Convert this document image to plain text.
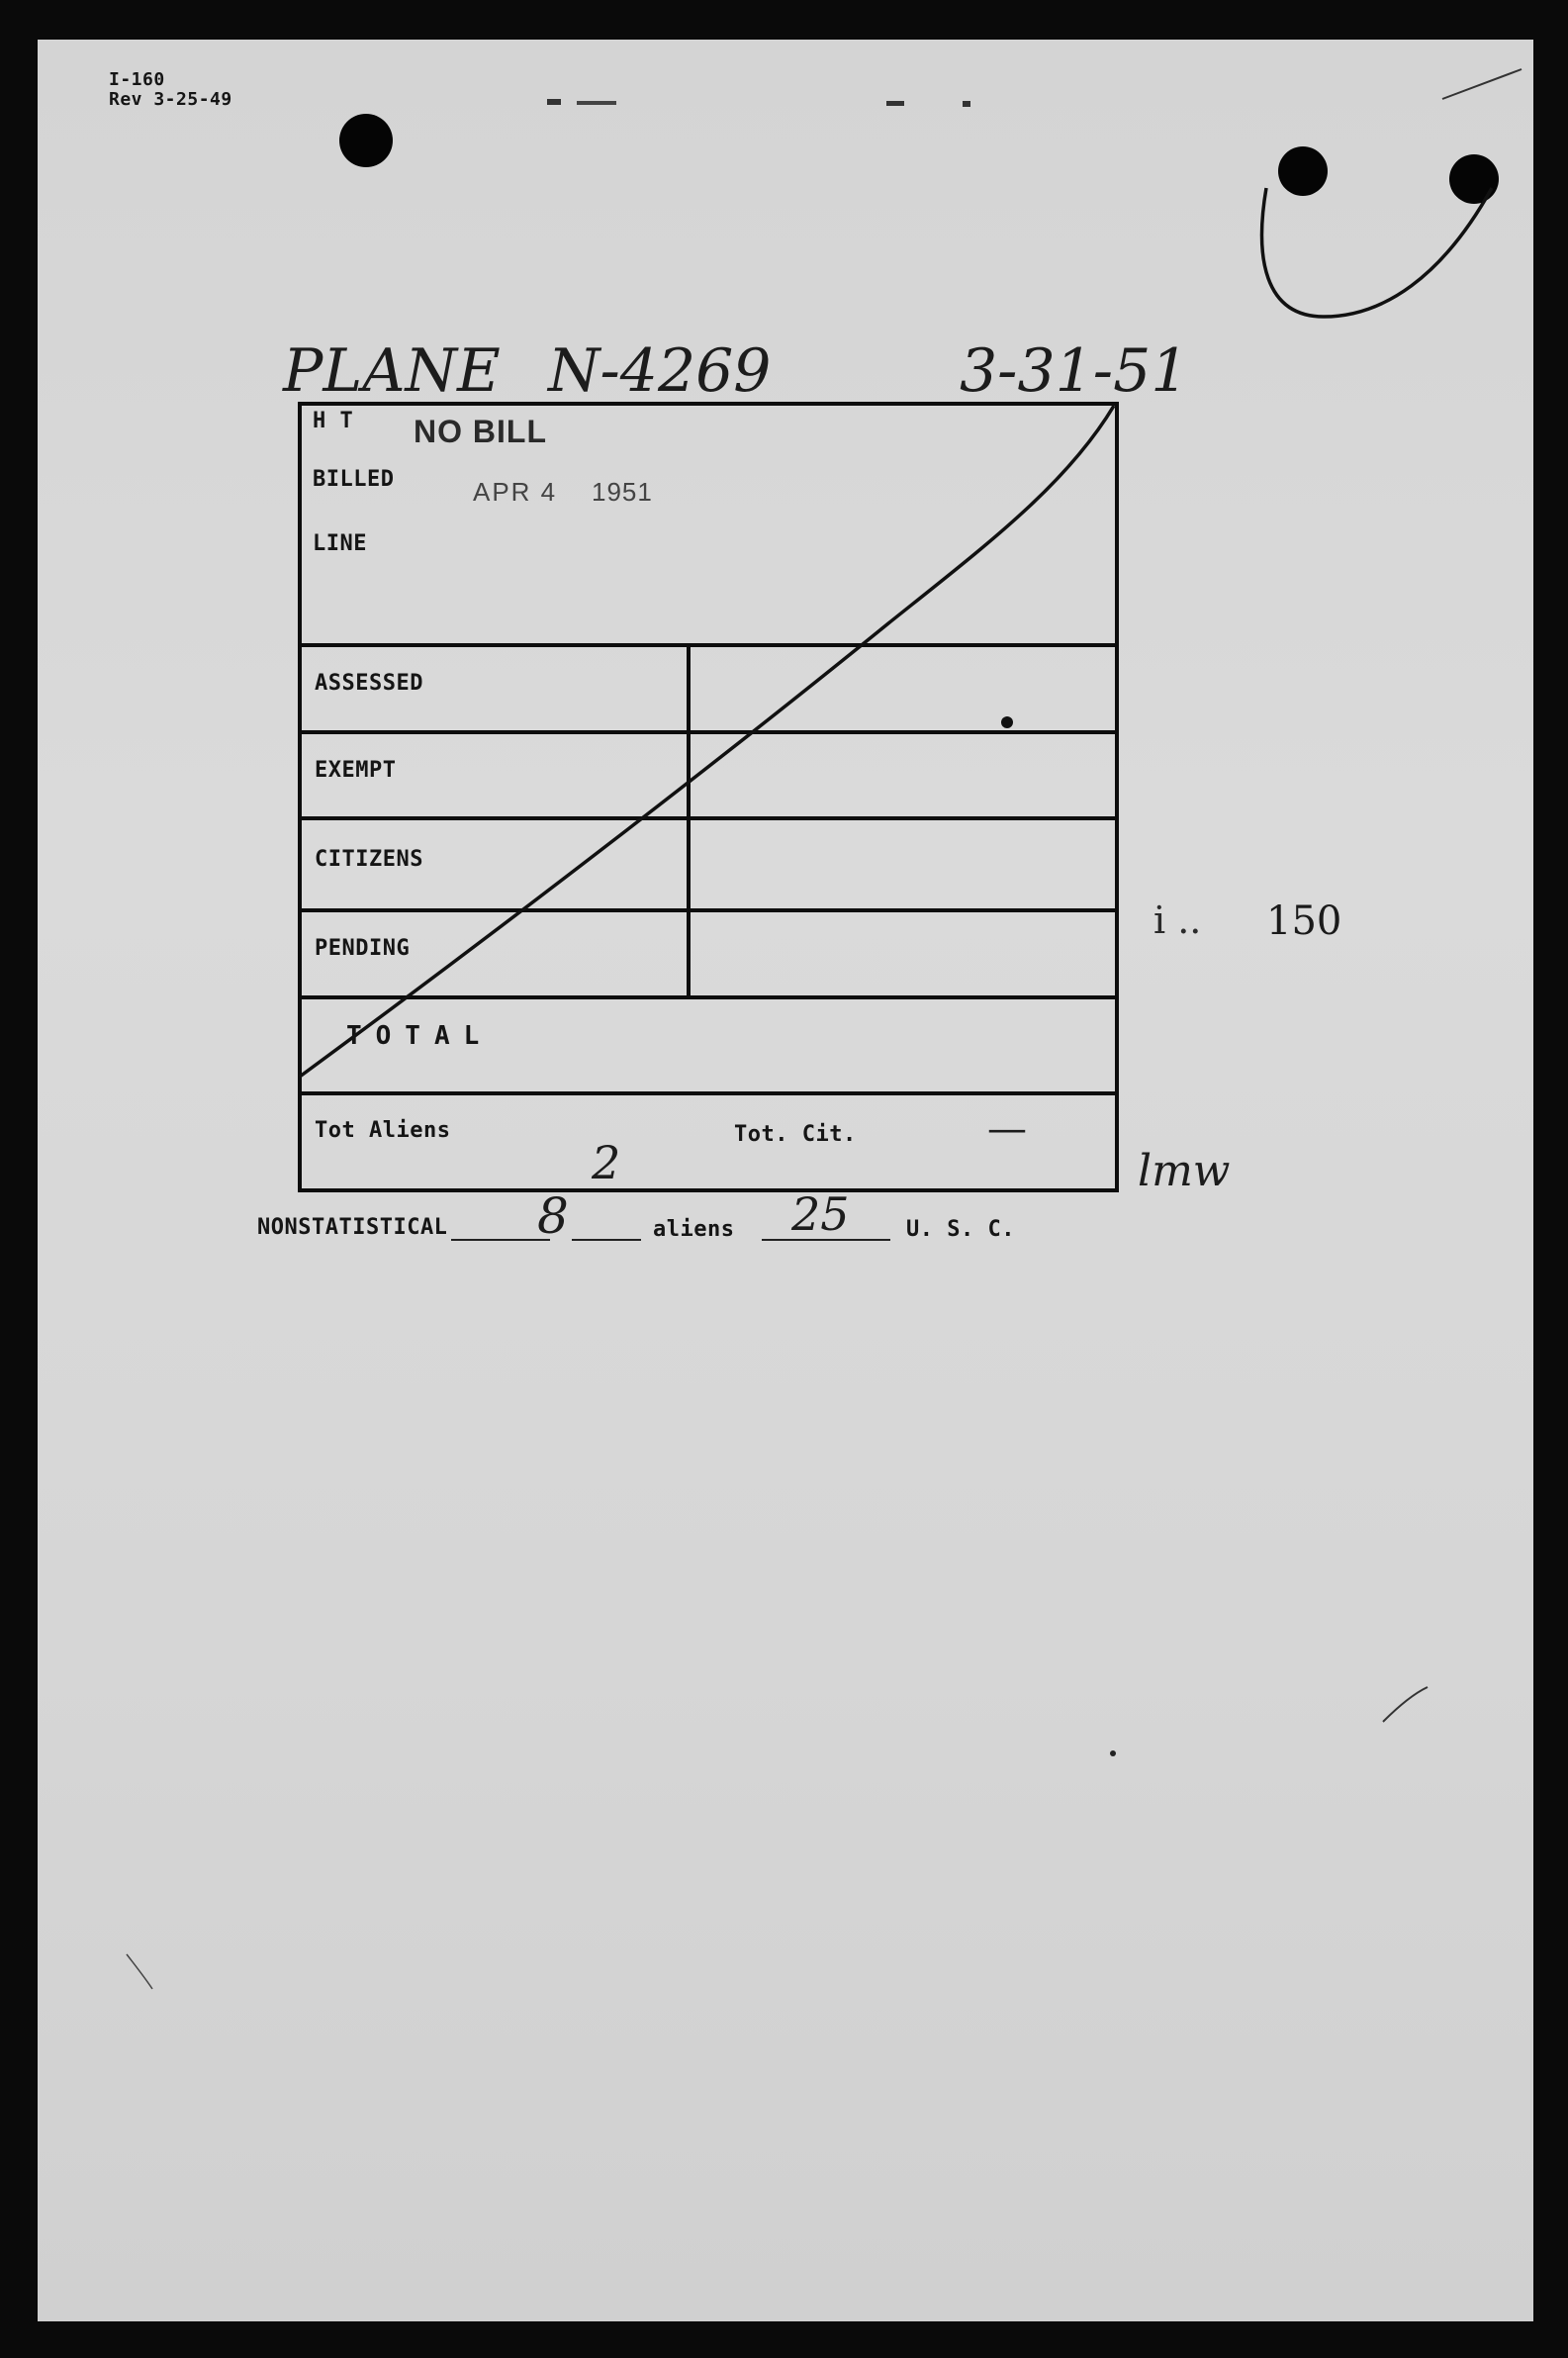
I-160
Rev 3-25-49
PLANE N-4269	3-31-51
H T
BILLED
LINE
NO BILL
APR 4 1951
ASSESSED
EXEMPT
CITIZENS
PENDING
TOTAL
Tot Aliens	Tot. Cit.	—
i .. 150
lmw
NONSTATISTICAL 8
2
aliens 25	U. S. C.
